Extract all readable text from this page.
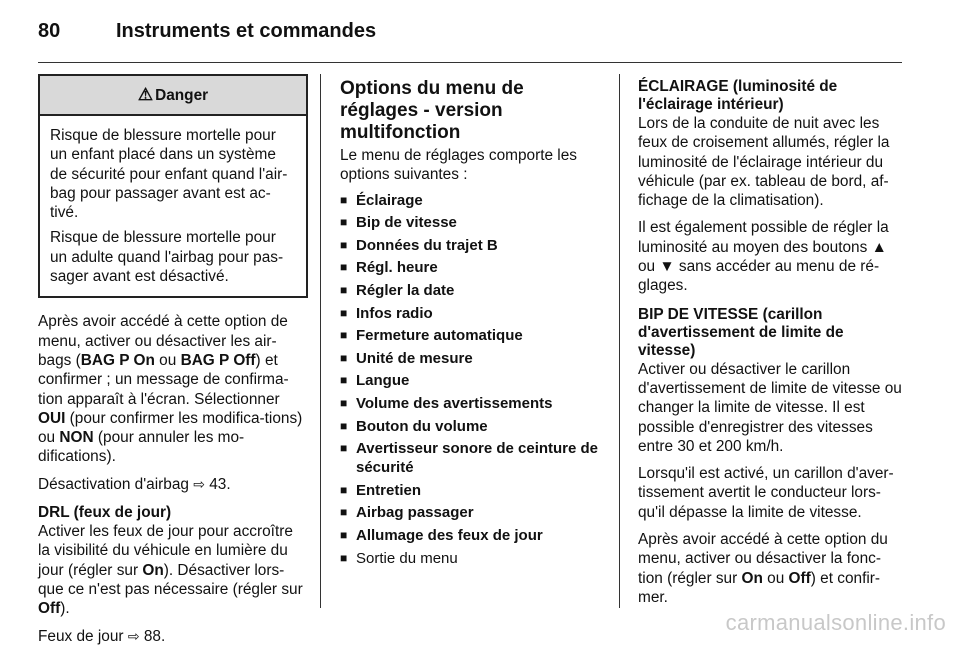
80	Instruments et commandes
⚠ Danger

Risque de blessure mortelle pour un enfant placé dans un système de sécurité pour enfant quand l'air-bag pour passager avant est ac-tivé.

Risque de blessure mortelle pour un adulte quand l'airbag pour pas-sager avant est désactivé.

Après avoir accédé à cette option de menu, activer ou désactiver les air-bags (BAG P On ou BAG P Off) et confirmer ; un message de confirma-tion apparaît à l'écran. Sélectionner OUI (pour confirmer les modifica-tions) ou NON (pour annuler les mo-difications).

Désactivation d'airbag ⇨ 43.

DRL (feux de jour)

Activer les feux de jour pour accroître la visibilité du véhicule en lumière du jour (régler sur On). Désactiver lors-que ce n'est pas nécessaire (régler sur Off).

Feux de jour ⇨ 88.

Options du menu de réglages - version multifonction

Le menu de réglages comporte les options suivantes :

■ Éclairage
■ Bip de vitesse
■ Données du trajet B
■ Régl. heure
■ Régler la date
■ Infos radio
■ Fermeture automatique
■ Unité de mesure
■ Langue
■ Volume des avertissements
■ Bouton du volume
■ Avertisseur sonore de ceinture de sécurité
■ Entretien
■ Airbag passager
■ Allumage des feux de jour
■ Sortie du menu
ÉCLAIRAGE (luminosité de l'éclairage intérieur)

Lors de la conduite de nuit avec les feux de croisement allumés, régler la luminosité de l'éclairage intérieur du véhicule (par ex. tableau de bord, af-fichage de la climatisation).

Il est également possible de régler la luminosité au moyen des boutons ▲ ou ▼ sans accéder au menu de ré-glages.

BIP DE VITESSE (carillon d'avertissement de limite de vitesse)

Activer ou désactiver le carillon d'avertissement de limite de vitesse ou changer la limite de vitesse. Il est possible d'enregistrer des vitesses entre 30 et 200 km/h.

Lorsqu'il est activé, un carillon d'aver-tissement avertit le conducteur lors-qu'il dépasse la limite de vitesse.

Après avoir accédé à cette option du menu, activer ou désactiver la fonc-tion (régler sur On ou Off) et confir-mer.

carmanualsonline.info
